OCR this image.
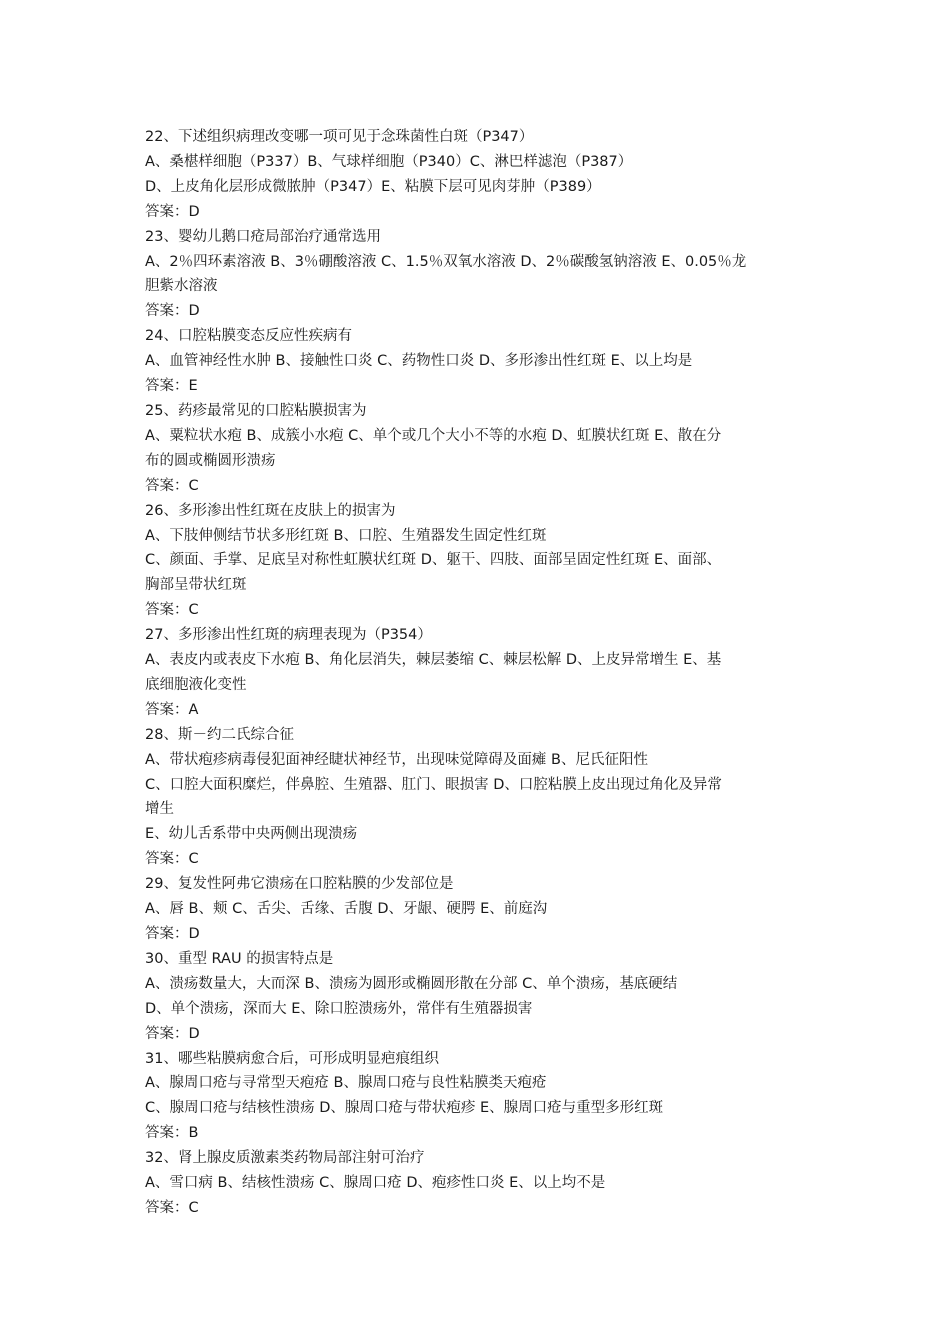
22、下述组织病理改变哪一项可见于念珠菌性白斑（P347）
A、桑椹样细胞（P337）B、气球样细胞（P340）C、淋巴样滤泡（P387）
D、上皮角化层形成微脓肿（P347）E、粘膜下层可见肉芽肿（P389）
答案：D
23、婴幼儿鹅口疮局部治疗通常选用
A、2％四环素溶液 B、3％硼酸溶液 C、1.5％双氧水溶液 D、2％碳酸氢钠溶液 E、0.05％龙
胆紫水溶液
答案：D
24、口腔粘膜变态反应性疾病有
A、血管神经性水肿 B、接触性口炎 C、药物性口炎 D、多形渗出性红斑 E、以上均是
答案：E
25、药疹最常见的口腔粘膜损害为
A、粟粒状水疱 B、成簇小水疱 C、单个或几个大小不等的水疱 D、虹膜状红斑 E、散在分
布的圆或椭圆形溃疡
答案：C
26、多形渗出性红斑在皮肤上的损害为
A、下肢伸侧结节状多形红斑 B、口腔、生殖器发生固定性红斑
C、颜面、手掌、足底呈对称性虹膜状红斑 D、躯干、四肢、面部呈固定性红斑 E、面部、
胸部呈带状红斑
答案：C
27、多形渗出性红斑的病理表现为（P354）
A、表皮内或表皮下水疱 B、角化层消失，棘层萎缩 C、棘层松解 D、上皮异常增生 E、基
底细胞液化变性
答案：A
28、斯－约二氏综合征
A、带状疱疹病毒侵犯面神经睫状神经节，出现味觉障碍及面瘫 B、尼氏征阳性
C、口腔大面积糜烂，伴鼻腔、生殖器、肛门、眼损害 D、口腔粘膜上皮出现过角化及异常
增生
E、幼儿舌系带中央两侧出现溃疡
答案：C
29、复发性阿弗它溃疡在口腔粘膜的少发部位是
A、唇 B、颊 C、舌尖、舌缘、舌腹 D、牙龈、硬腭 E、前庭沟
答案：D
30、重型 RAU 的损害特点是
A、溃疡数量大，大而深 B、溃疡为圆形或椭圆形散在分部 C、单个溃疡，基底硬结
D、单个溃疡，深而大 E、除口腔溃疡外，常伴有生殖器损害
答案：D
31、哪些粘膜病愈合后，可形成明显疤痕组织
A、腺周口疮与寻常型天疱疮 B、腺周口疮与良性粘膜类天疱疮
C、腺周口疮与结核性溃疡 D、腺周口疮与带状疱疹 E、腺周口疮与重型多形红斑
答案：B
32、肾上腺皮质激素类药物局部注射可治疗
A、雪口病 B、结核性溃疡 C、腺周口疮 D、疱疹性口炎 E、以上均不是
答案：C
